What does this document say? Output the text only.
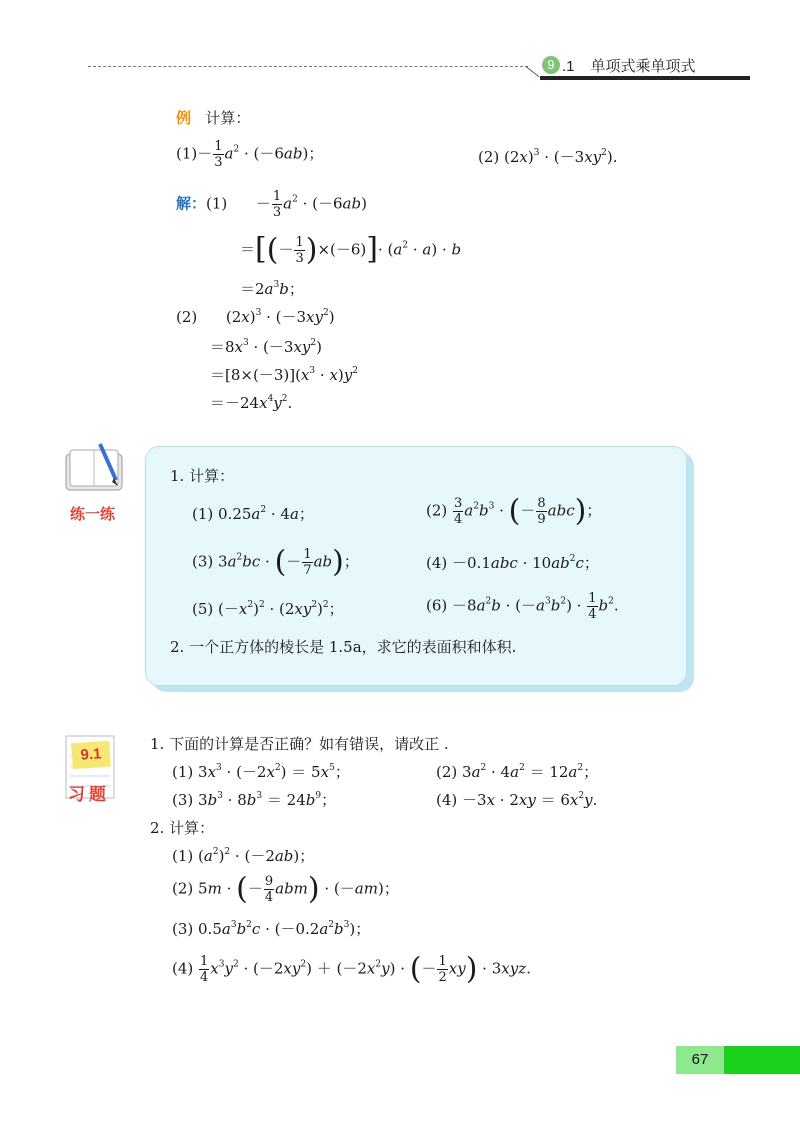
9 .1 单项式乘单项式
例 计算：
$(1)- \frac{1}{3} a^2 \cdot (-6ab)$；	(2) $(2x)^3 \cdot (-3xy^2)$.
解：(1)      － $\frac{1}{3} a^2 \cdot (-6ab)$
＝[(－ $\frac{1}{3} )\times(-6)]\cdot (a^2 \cdot a) \cdot b$
$=2a^3b$；
(2)      $(2x)^3 \cdot (-3xy^2)$
$=8x^3 \cdot (-3xy^2)$
$=[8\times(-3)](x^3 \cdot x)y^2$
$=-24x^4y^2$.
练一练
1. 计算：
(1) $0.25a^2 \cdot 4a$；	$(2) \frac{3}{4} a^2b^3$ · (－ $\frac{8}{9} abc$)；
(3) $3a^2bc$ · (－ $\frac{1}{7} ab$)；	$(4) -0.1abc \cdot 10ab^2c$；
(5) $(-x^2)^2 \cdot (2xy^2)^2$；	$(6) -8a^2b \cdot (-a^3b^2) \cdot \frac{1}{4} b^2$.
2. 一个正方体的棱长是 1.5a，求它的表面积和体积.
9.1
习题
1. 下面的计算是否正确？如有错误，请改正 .
(1) $3x^3 \cdot (-2x^2) = 5x^5$；	(2) $3a^2 \cdot 4a^2 = 12a^2$；
(3) $3b^3 \cdot 8b^3 = 24b^9$；	$(4) -3x \cdot 2xy = 6x^2y$.
2. 计算：
(1) $(a^2)^2 \cdot (-2ab)$；
(2) 5m · (－ $\frac{9}{4} abm) \cdot (-am)$；
(3) $0.5a^3b^2c \cdot (-0.2a^2b^3)$；
$(4) \frac{1}{4} x^3y^2 \cdot (-2xy^2) + (-2x^2y)$ · (－ $\frac{1}{2} xy) \cdot 3xyz$.
67
